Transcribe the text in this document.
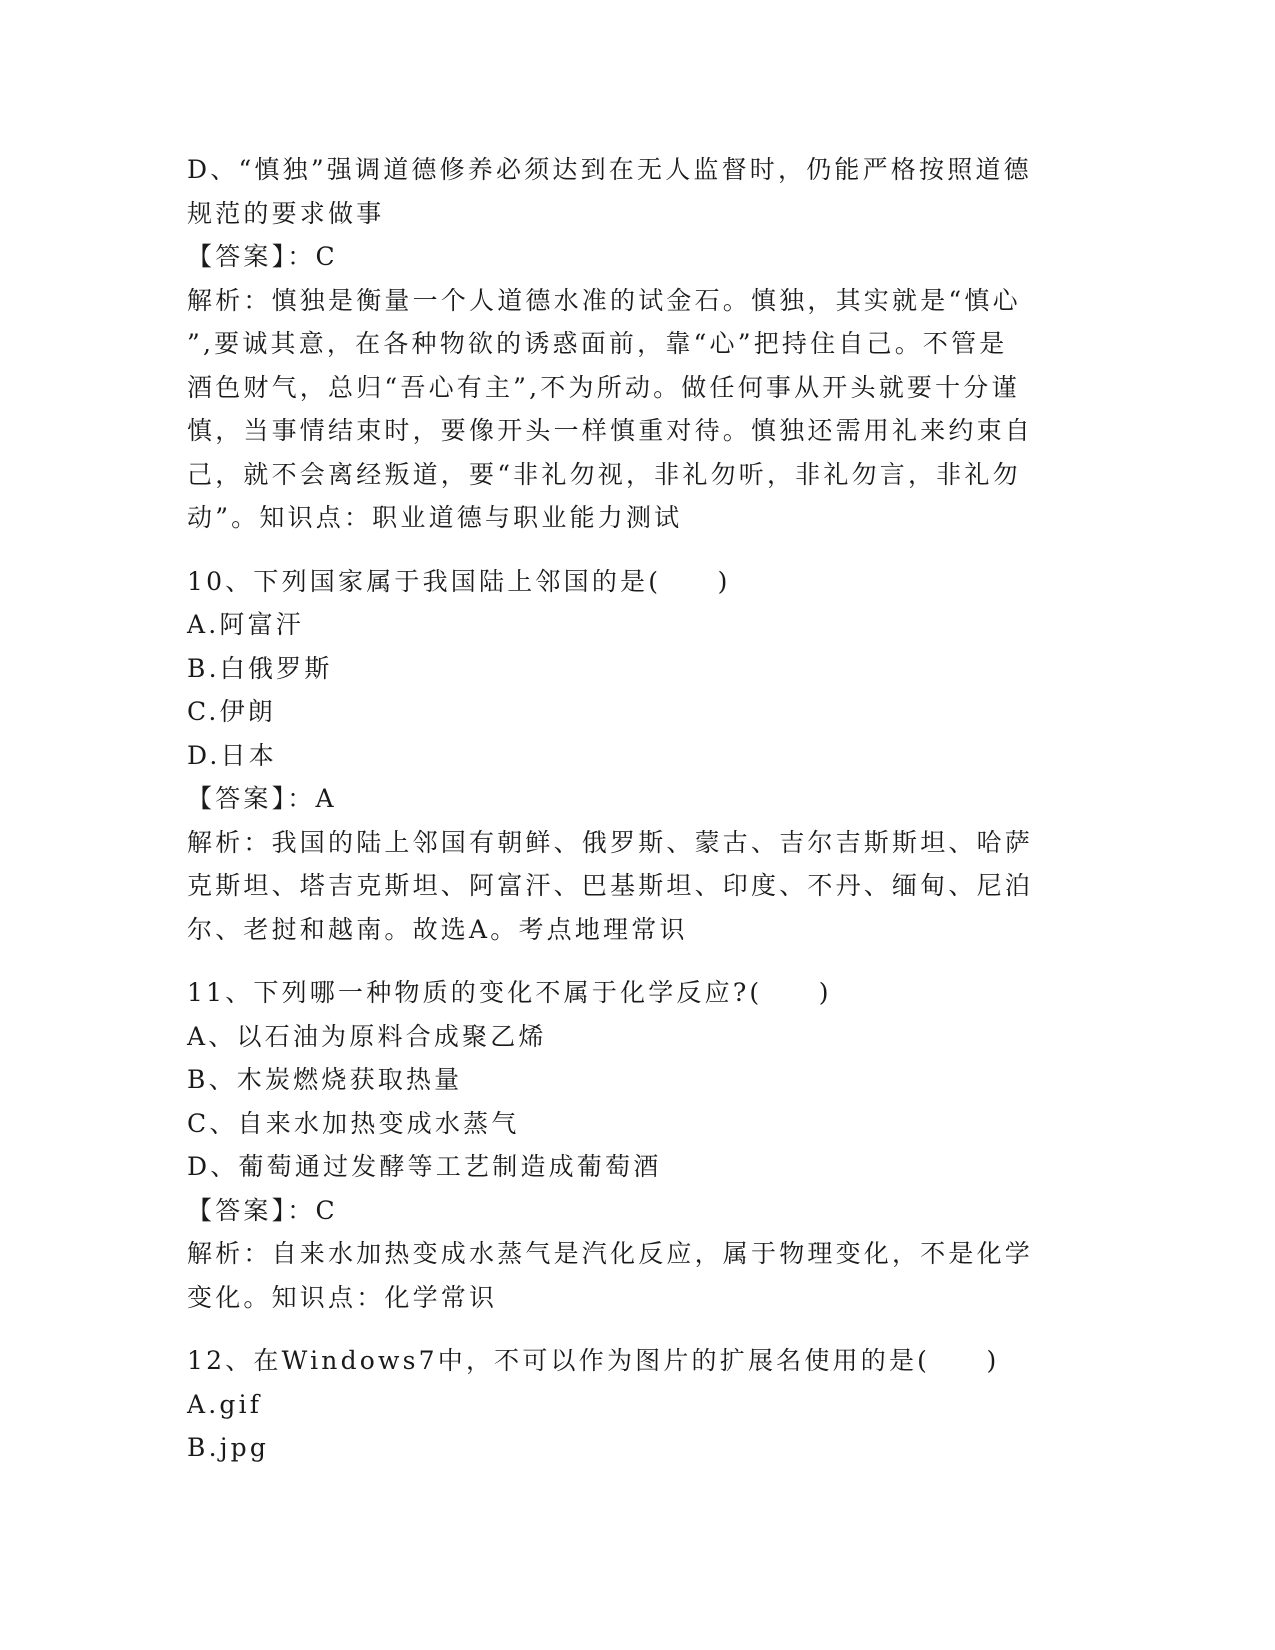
D、“慎独”强调道德修养必须达到在无人监督时，仍能严格按照道德

规范的要求做事

【答案】：C

解析：慎独是衡量一个人道德水准的试金石。慎独，其实就是“慎心

”,要诚其意，在各种物欲的诱惑面前，靠“心”把持住自己。不管是

酒色财气，总归“吾心有主”,不为所动。做任何事从开头就要十分谨

慎，当事情结束时，要像开头一样慎重对待。慎独还需用礼来约束自

己，就不会离经叛道，要“非礼勿视，非礼勿听，非礼勿言，非礼勿

动”。知识点：职业道德与职业能力测试

10、下列国家属于我国陆上邻国的是(　　)

A.阿富汗

B.白俄罗斯

C.伊朗

D.日本

【答案】：A

解析：我国的陆上邻国有朝鲜、俄罗斯、蒙古、吉尔吉斯斯坦、哈萨

克斯坦、塔吉克斯坦、阿富汗、巴基斯坦、印度、不丹、缅甸、尼泊

尔、老挝和越南。故选A。考点地理常识

11、下列哪一种物质的变化不属于化学反应?(　　)

A、以石油为原料合成聚乙烯

B、木炭燃烧获取热量

C、自来水加热变成水蒸气

D、葡萄通过发酵等工艺制造成葡萄酒

【答案】：C

解析：自来水加热变成水蒸气是汽化反应，属于物理变化，不是化学

变化。知识点：化学常识

12、在Windows7中，不可以作为图片的扩展名使用的是(　　)

A.gif

B.jpg
